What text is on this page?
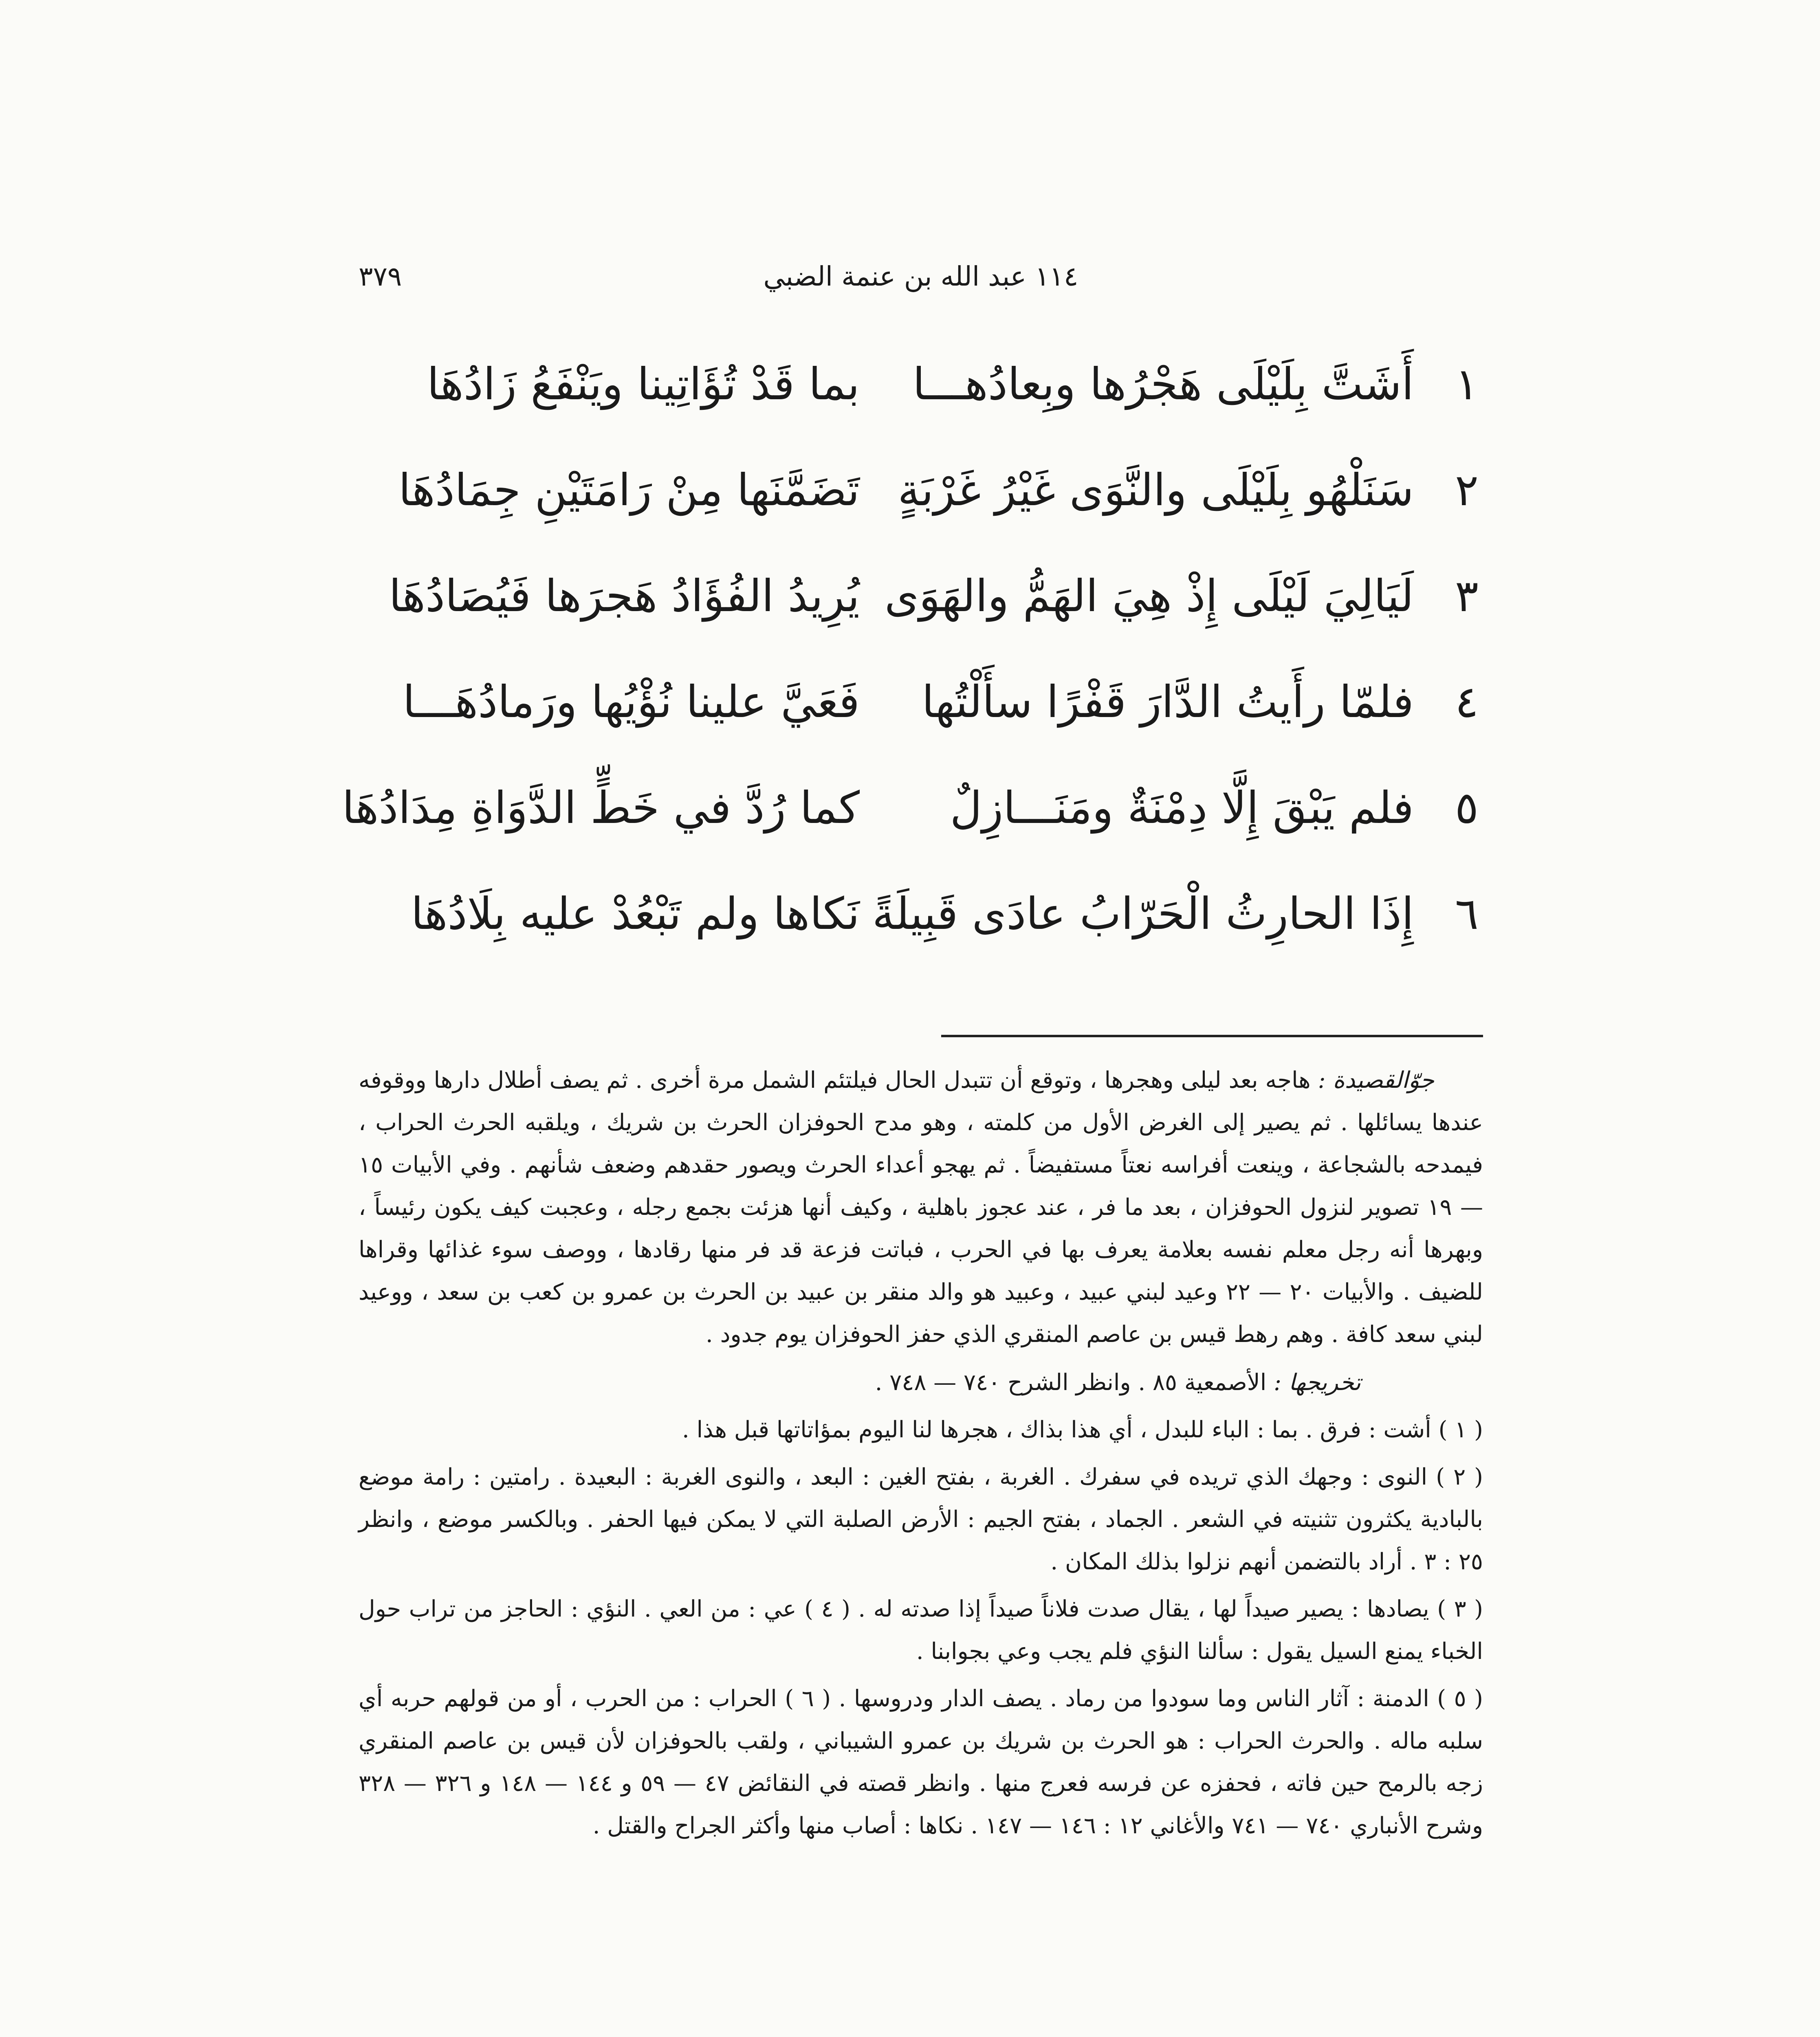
١١٤ عبد الله بن عنمة الضبي
٣٧٩
١
أَشَتَّ بِلَيْلَى هَجْرُها وبِعادُهـــا
بما قَدْ تُؤَاتِينا ويَنْفَعُ زَادُهَا
٢
سَنَلْهُو بِلَيْلَى والنَّوَى غَيْرُ غَرْبَةٍ
تَضَمَّنَها مِنْ رَامَتَيْنِ جِمَادُهَا
٣
لَيَالِيَ لَيْلَى إِذْ هِيَ الهَمُّ والهَوَى
يُرِيدُ الفُؤَادُ هَجرَها فَيُصَادُهَا
٤
فلمّا رأَيتُ الدَّارَ قَفْرًا سأَلْتُها
فَعَيَّ علينا نُؤْيُها ورَمادُهَـــا
٥
فلم يَبْقَ إِلَّا دِمْنَةٌ ومَنَـــازِلٌ
كما رُدَّ في خَطٍّ الدَّوَاةِ مِدَادُهَا
٦
إِذَا الحارِثُ الْحَرّابُ عادَى قَبِيلَةً
نَكاها ولم تَبْعُدْ عليه بِلَادُهَا

جوّالقصيدة : هاجه بعد ليلى وهجرها ، وتوقع أن تتبدل الحال فيلتئم الشمل مرة أخرى . ثم يصف أطلال دارها ووقوفه عندها يسائلها . ثم يصير إلى الغرض الأول من كلمته ، وهو مدح الحوفزان الحرث بن شريك ، ويلقبه الحرث الحراب ، فيمدحه بالشجاعة ، وينعت أفراسه نعتاً مستفيضاً . ثم يهجو أعداء الحرث ويصور حقدهم وضعف شأنهم . وفي الأبيات ١٥ — ١٩ تصوير لنزول الحوفزان ، بعد ما فر ، عند عجوز باهلية ، وكيف أنها هزئت بجمع رجله ، وعجبت كيف يكون رئيساً ، وبهرها أنه رجل معلم نفسه بعلامة يعرف بها في الحرب ، فباتت فزعة قد فر منها رقادها ، ووصف سوء غذائها وقراها للضيف . والأبيات ٢٠ — ٢٢ وعيد لبني عبيد ، وعبيد هو والد منقر بن عبيد بن الحرث بن عمرو بن كعب بن سعد ، ووعيد لبني سعد كافة . وهم رهط قيس بن عاصم المنقري الذي حفز الحوفزان يوم جدود .

تخريجها : الأصمعية ٨٥ . وانظر الشرح ٧٤٠ — ٧٤٨ .

( ١ ) أشت : فرق . بما : الباء للبدل ، أي هذا بذاك ، هجرها لنا اليوم بمؤاتاتها قبل هذا .

( ٢ ) النوى : وجهك الذي تريده في سفرك . الغربة ، بفتح الغين : البعد ، والنوى الغربة : البعيدة . رامتين : رامة موضع بالبادية يكثرون تثنيته في الشعر . الجماد ، بفتح الجيم : الأرض الصلبة التي لا يمكن فيها الحفر . وبالكسر موضع ، وانظر ٢٥ : ٣ . أراد بالتضمن أنهم نزلوا بذلك المكان .

( ٣ ) يصادها : يصير صيداً لها ، يقال صدت فلاناً صيداً إذا صدته له . ( ٤ ) عي : من العي . النؤي : الحاجز من تراب حول الخباء يمنع السيل يقول : سألنا النؤي فلم يجب وعي بجوابنا .

( ٥ ) الدمنة : آثار الناس وما سودوا من رماد . يصف الدار ودروسها . ( ٦ ) الحراب : من الحرب ، أو من قولهم حربه أي سلبه ماله . والحرث الحراب : هو الحرث بن شريك بن عمرو الشيباني ، ولقب بالحوفزان لأن قيس بن عاصم المنقري زجه بالرمح حين فاته ، فحفزه عن فرسه فعرج منها . وانظر قصته في النقائض ٤٧ — ٥٩ و ١٤٤ — ١٤٨ و ٣٢٦ — ٣٢٨ وشرح الأنباري ٧٤٠ — ٧٤١ والأغاني ١٢ : ١٤٦ — ١٤٧ . نكاها : أصاب منها وأكثر الجراح والقتل .
